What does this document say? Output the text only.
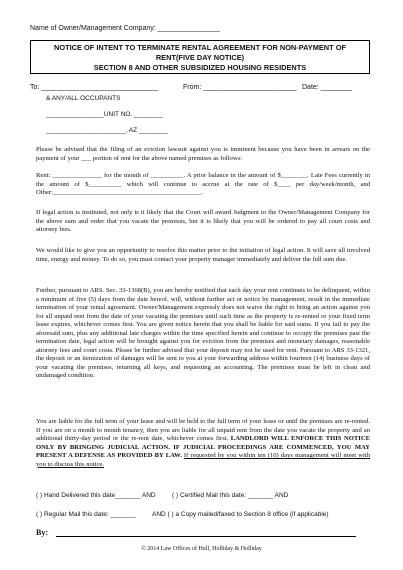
Name of Owner/Management Company: ________________
NOTICE OF INTENT TO TERMINATE RENTAL AGREEMENT FOR NON-PAYMENT OF
RENT(FIVE DAY NOTICE)
SECTION 8 AND OTHER SUBSIDIZED HOUSING RESIDENTS
To: ______________________________	From: ________________________ Date: ________
& ANY/ALL OCCUPANTS
________________UNIT NO. ________
______________________, AZ ________
Please be advised that the filing of an eviction lawsuit against you is imminent because you have been in arrears on the payment of your ___ portion of rent for the above named premises as follows:
Rent: _______________ for the month of __________. A prior balance in the amount of $________. Late Fees currently in the amount of $__________ which will continue to accrue at the rate of $____ per day/week/month, and Other:_____________________________________________.
If legal action is instituted, not only is it likely that the Court will award Judgment to the Owner/Management Company for the above sum and order that you vacate the premises, but it is likely that you will be ordered to pay all court costs and attorney fees.
We would like to give you an opportunity to resolve this matter prior to the initiation of legal action. It will save all involved time, energy and money. To do so, you must contact your property manager immediately and deliver the full sum due.
Further, pursuant to ARS. Sec. 33-1368(B), you are hereby notified that each day your rent continues to be delinquent, within a minimum of five (5) days from the date hereof, will, without further act or notice by management, result in the immediate termination of your rental agreement. Owner/Management expressly does not waive the right to bring an action against you for all unpaid rent from the date of your vacating the premises until such time as the property is re-rented or your fixed term lease expires, whichever comes first. You are given notice herein that you shall be liable for said sums. If you fail to pay the aforesaid sum, plus any additional late charges within the time specified herein and continue to occupy the premises past the termination date, legal action will be brought against you for eviction from the premises and monetary damages, reasonable attorney fees and court costs. Please be further advised that your deposit may not be used for rent. Pursuant to ARS 33-1321, the deposit or an itemization of damages will be sent to you at your forwarding address within fourteen (14) business days of your vacating the premises, returning all keys, and requesting an accounting. The premises must be left in clean and undamaged condition.
You are liable for the full term of your lease and will be held to the full term of your lease or until the premises are re-rented. If you are on a month to month tenancy, then you are liable for all unpaid rent from the date you vacate the property and an additional thirty-day period or the re-rent date, whichever comes first. LANDLORD WILL ENFORCE THIS NOTICE ONLY BY BRINGING JUDICIAL ACTION. IF JUDICIAL PROCEEDINGS ARE COMMENCED, YOU MAY PRESENT A DEFENSE AS PROVIDED BY LAW. If requested by you within ten (10) days management will meet with you to discuss this notice.
( ) Hand Delivered this date_______ AND	( ) Certified Mail this date: _______ AND
( ) Regular Mail this date: _______	AND ( ) a Copy mailed/faxed to Section 8 office (if applicable)
By:
© 2014 Law Offices of Hull, Holliday & Holliday
